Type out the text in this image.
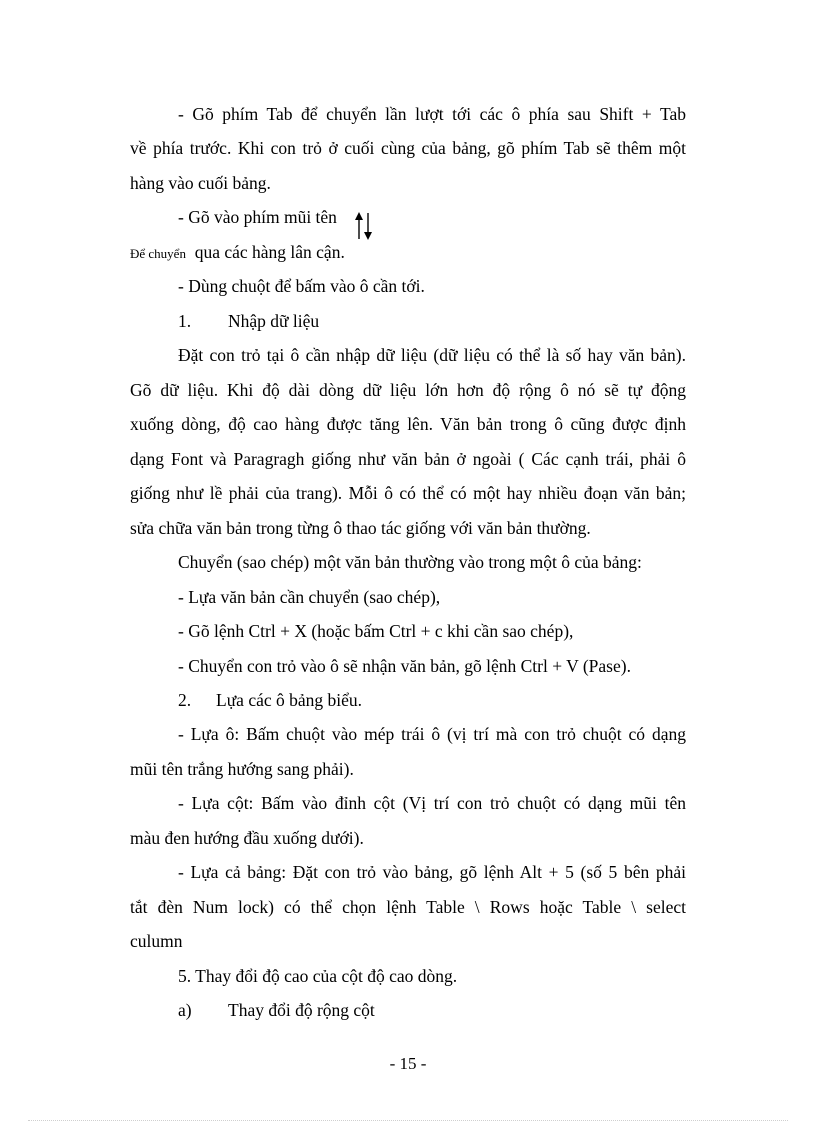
- Gõ phím Tab để chuyển lần lượt tới các ô phía sau Shift + Tab
về phía trước. Khi con trỏ ở cuối cùng của bảng, gõ phím Tab sẽ thêm một
hàng vào cuối bảng.
- Gõ vào phím mũi tên
Để chuyển qua các hàng lân cận.
- Dùng chuột để bấm vào ô cần tới.
1. Nhập dữ liệu
Đặt con trỏ tại ô cần nhập dữ liệu (dữ liệu có thể là số hay văn bản).
Gõ dữ liệu. Khi độ dài dòng dữ liệu lớn hơn độ rộng ô nó sẽ tự động
xuống dòng, độ cao hàng được tăng lên. Văn bản trong ô cũng được định
dạng Font và Paragragh giống như văn bản ở ngoài ( Các cạnh trái, phải ô
giống như lề phải của trang). Mỗi ô có thể có một hay nhiều đoạn văn bản;
sửa chữa văn bản trong từng ô thao tác giống với văn bản thường.
Chuyển (sao chép) một văn bản thường vào trong một ô của bảng:
- Lựa văn bản cần chuyển (sao chép),
- Gõ lệnh Ctrl + X (hoặc bấm Ctrl + c khi cần sao chép),
- Chuyển con trỏ vào ô sẽ nhận văn bản, gõ lệnh Ctrl + V (Pase).
2. Lựa các ô bảng biểu.
- Lựa ô: Bấm chuột vào mép trái ô (vị trí mà con trỏ chuột có dạng
mũi tên trắng hướng sang phải).
- Lựa cột: Bấm vào đỉnh cột (Vị trí con trỏ chuột có dạng mũi tên
màu đen hướng đầu xuống dưới).
- Lựa cả bảng: Đặt con trỏ vào bảng, gõ lệnh Alt + 5 (số 5 bên phải
tắt đèn Num lock) có thể chọn lệnh Table \ Rows hoặc Table \ select
culumn
5. Thay đổi độ cao của cột độ cao dòng.
a) Thay đổi độ rộng cột
- 15 -
